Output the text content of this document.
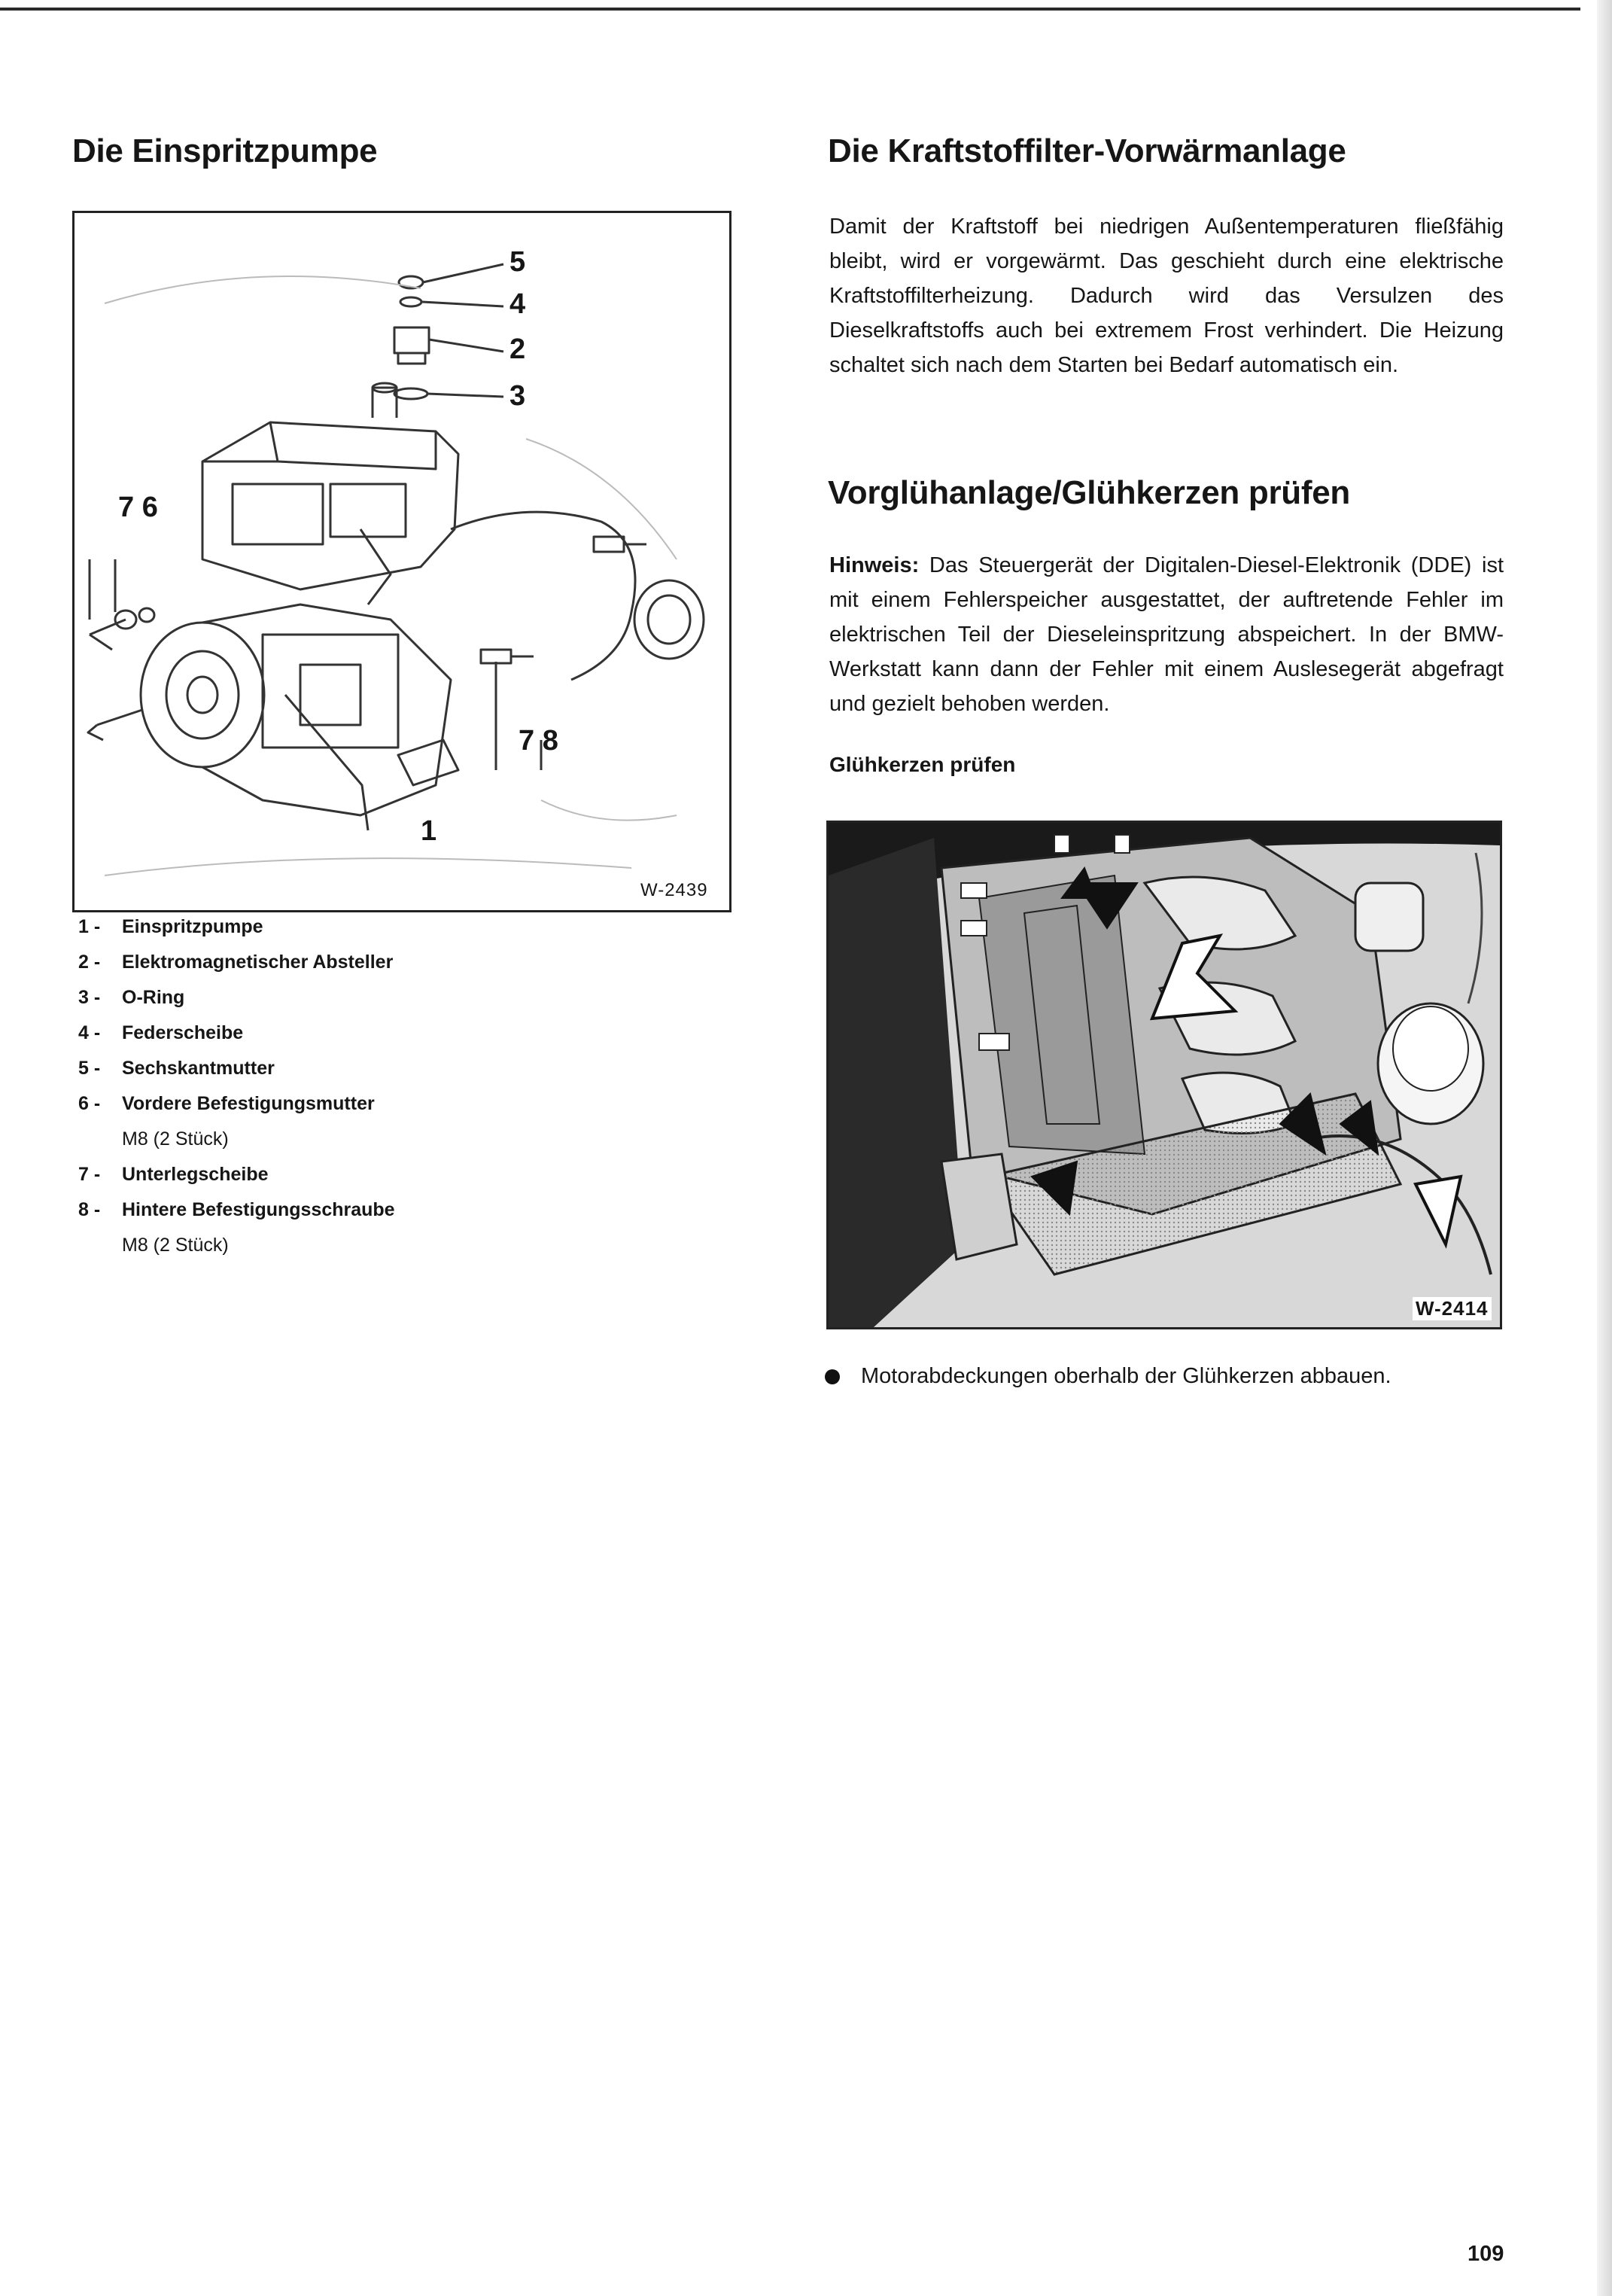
Die Einspritzpumpe
5
4
2
3
7 6
7 8
1
W-2439
1 - Einspritzpumpe
2 - Elektromagnetischer Absteller
3 - O-Ring
4 - Federscheibe
5 - Sechskantmutter
6 - Vordere Befestigungsmutter
M8 (2 Stück)
7 - Unterlegscheibe
8 - Hintere Befestigungsschraube
M8 (2 Stück)
Die Kraftstoffilter-Vorwärmanlage

Damit der Kraftstoff bei niedrigen Außentemperaturen fließfähig bleibt, wird er vorgewärmt. Das geschieht durch eine elektrische Kraftstoffilterheizung. Dadurch wird das Versulzen des Dieselkraftstoffs auch bei extremem Frost verhindert. Die Heizung schaltet sich nach dem Starten bei Bedarf automatisch ein.

Vorglühanlage/Glühkerzen prüfen

Hinweis: Das Steuergerät der Digitalen-Diesel-Elektronik (DDE) ist mit einem Fehlerspeicher ausgestattet, der auftretende Fehler im elektrischen Teil der Dieseleinspritzung abspeichert. In der BMW-Werkstatt kann dann der Fehler mit einem Auslesegerät abgefragt und gezielt behoben werden.

Glühkerzen prüfen
W-2414
Motorabdeckungen oberhalb der Glühkerzen abbauen.
109
